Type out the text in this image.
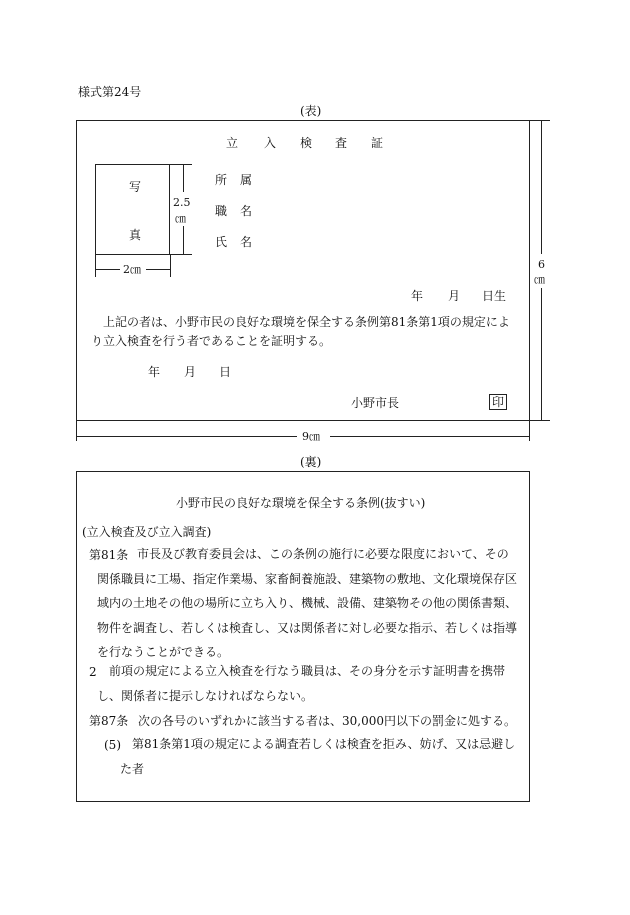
様式第24号
(表)
立 入 検 査 証
写
真
2.5
㎝
2㎝
所 属
職 名
氏 名
年 月 日生
上記の者は、小野市民の良好な環境を保全する条例第81条第1項の規定により立入検査を行う者であることを証明する。
年 月 日
小野市長	印
6
㎝
9㎝
(裏)
小野市民の良好な環境を保全する条例(抜すい)
(立入検査及び立入調査)
第81条 市長及び教育委員会は、この条例の施行に必要な限度において、その関係職員に工場、指定作業場、家畜飼養施設、建築物の敷地、文化環境保存区域内の土地その他の場所に立ち入り、機械、設備、建築物その他の関係書類、物件を調査し、若しくは検査し、又は関係者に対し必要な指示、若しくは指導を行なうことができる。
2	前項の規定による立入検査を行なう職員は、その身分を示す証明書を携帯し、関係者に提示しなければならない。
第87条 次の各号のいずれかに該当する者は、30,000円以下の罰金に処する。
(5) 第81条第1項の規定による調査若しくは検査を拒み、妨げ、又は忌避した者
